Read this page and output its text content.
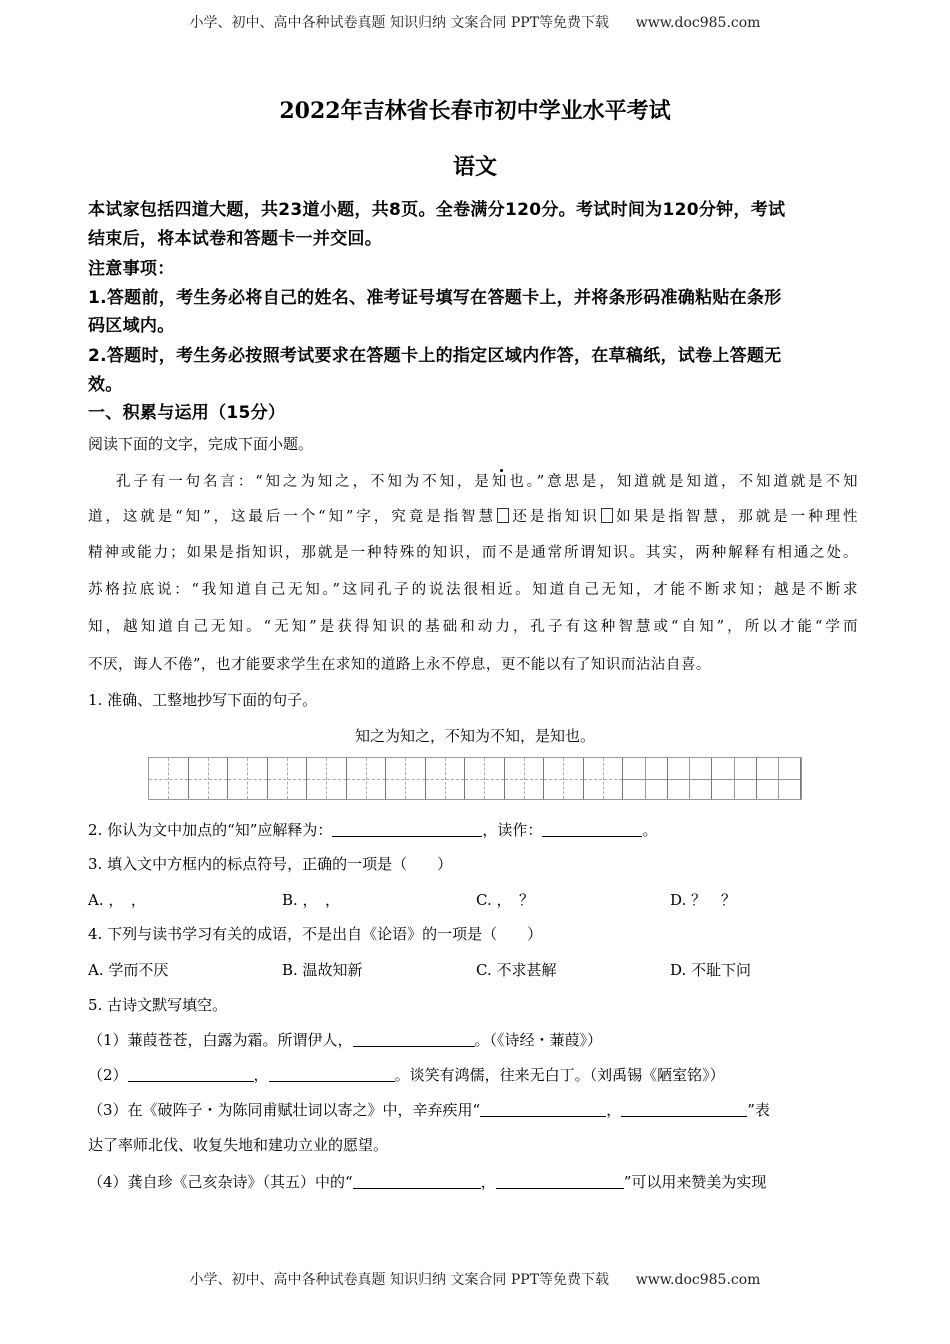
小学、初中、高中各种试卷真题 知识归纳 文案合同 PPT等免费下载 www.doc985.com
2022年吉林省长春市初中学业水平考试
语文
本试家包括四道大题，共23道小题，共8页。全卷满分120分。考试时间为120分钟，考试
结束后，将本试卷和答题卡一并交回。
注意事项：
1.答题前，考生务必将自己的姓名、准考证号填写在答题卡上，并将条形码准确粘贴在条形
码区域内。
2.答题时，考生务必按照考试要求在答题卡上的指定区域内作答，在草稿纸，试卷上答题无
效。
一、积累与运用（15分）
阅读下面的文字，完成下面小题。
孔子有一句名言：“知之为知之，不知为不知，是知也。”意思是，知道就是知道，不知道就是不知
道，这就是“知”，这最后一个“知”字，究竟是指智慧 还是指知识 如果是指智慧，那就是一种理性
精神或能力；如果是指知识，那就是一种特殊的知识，而不是通常所谓知识。其实，两种解释有相通之处。
苏格拉底说：“我知道自己无知。”这同孔子的说法很相近。知道自己无知，才能不断求知；越是不断求
知，越知道自己无知。“无知”是获得知识的基础和动力，孔子有这种智慧或“自知”，所以才能“学而
不厌，诲人不倦”，也才能要求学生在求知的道路上永不停息，更不能以有了知识而沾沾自喜。
1. 准确、工整地抄写下面的句子。
知之为知之，不知为不知，是知也。
2. 你认为文中加点的“知”应解释为：	，读作：	。
3. 填入文中方框内的标点符号，正确的一项是（　　）
A. ，　，	B. ，　，	C. ，　？	D. ？　？
4. 下列与读书学习有关的成语，不是出自《论语》的一项是（　　）
A. 学而不厌	B. 温故知新	C. 不求甚解	D. 不耻下问
5. 古诗文默写填空。
（1）蒹葭苍苍，白露为霜。所谓伊人，	。（《诗经・蒹葭》）
（2）	，	。谈笑有鸿儒，往来无白丁。（刘禹锡《陋室铭》）
（3）在《破阵子・为陈同甫赋壮词以寄之》中，辛弃疾用“	，	”表
达了率师北伐、收复失地和建功立业的愿望。
（4）龚自珍《己亥杂诗》（其五）中的“	，	”可以用来赞美为实现
小学、初中、高中各种试卷真题 知识归纳 文案合同 PPT等免费下载 www.doc985.com
